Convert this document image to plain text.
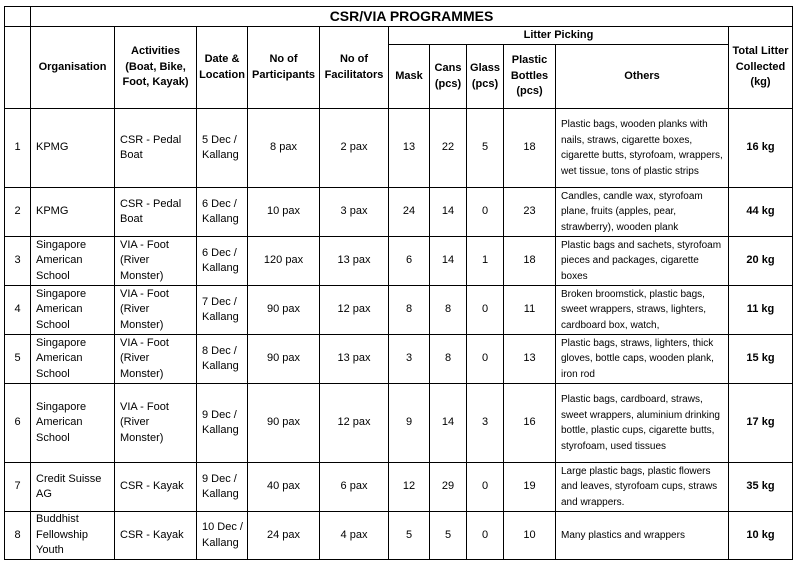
	CSR/VIA PROGRAMMES										
	Organisation	Activities (Boat, Bike, Foot, Kayak)	Date & Location	No of Participants	No of Facilitators	Litter Picking					Total Litter Collected (kg)
						Mask	Cans (pcs)	Glass (pcs)	Plastic Bottles (pcs)	Others	
1	KPMG	CSR - Pedal Boat	5 Dec / Kallang	8 pax	2 pax	13	22	5	18	Plastic bags, wooden planks with nails, straws, cigarette boxes, cigarette butts, styrofoam, wrappers, wet tissue, tons of plastic strips	16 kg
2	KPMG	CSR - Pedal Boat	6 Dec / Kallang	10 pax	3 pax	24	14	0	23	Candles, candle wax, styrofoam plane, fruits (apples, pear, strawberry), wooden plank	44 kg
3	Singapore American School	VIA - Foot (River Monster)	6 Dec / Kallang	120 pax	13 pax	6	14	1	18	Plastic bags and sachets, styrofoam pieces and packages, cigarette boxes	20 kg
4	Singapore American School	VIA - Foot (River Monster)	7 Dec / Kallang	90 pax	12 pax	8	8	0	11	Broken broomstick, plastic bags, sweet wrappers, straws, lighters, cardboard box, watch,	11 kg
5	Singapore American School	VIA - Foot (River Monster)	8 Dec / Kallang	90 pax	13 pax	3	8	0	13	Plastic bags, straws, lighters, thick gloves, bottle caps, wooden plank, iron rod	15 kg
6	Singapore American School	VIA - Foot (River Monster)	9 Dec / Kallang	90 pax	12 pax	9	14	3	16	Plastic bags, cardboard, straws, sweet wrappers, aluminium drinking bottle, plastic cups, cigarette butts, styrofoam, used tissues	17 kg
7	Credit Suisse AG	CSR - Kayak	9 Dec / Kallang	40 pax	6 pax	12	29	0	19	Large plastic bags, plastic flowers and leaves, styrofoam cups, straws and wrappers.	35 kg
8	Buddhist Fellowship Youth	CSR - Kayak	10 Dec / Kallang	24 pax	4 pax	5	5	0	10	Many plastics and wrappers	10 kg
